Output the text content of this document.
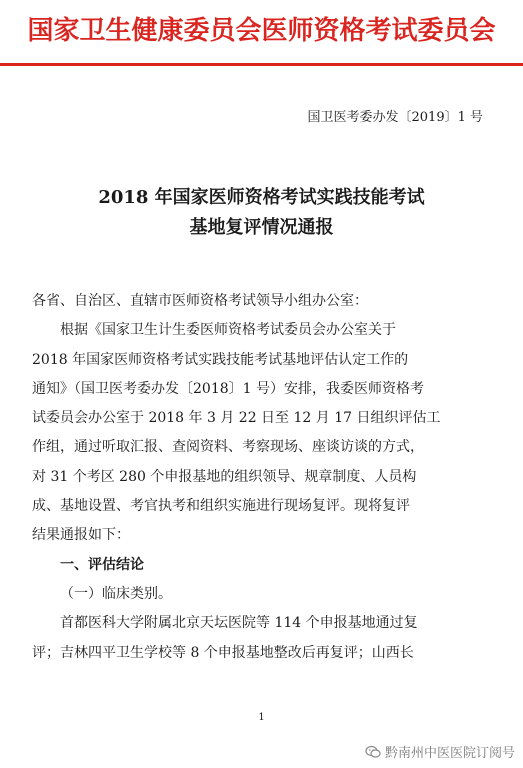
国家卫生健康委员会医师资格考试委员会
国卫医考委办发〔2019〕1 号
2018 年国家医师资格考试实践技能考试
基地复评情况通报
各省、自治区、直辖市医师资格考试领导小组办公室：
根据《国家卫生计生委医师资格考试委员会办公室关于
2018 年国家医师资格考试实践技能考试基地评估认定工作的
通知》（国卫医考委办发〔2018〕1 号）安排，我委医师资格考
试委员会办公室于 2018 年 3 月 22 日至 12 月 17 日组织评估工
作组，通过听取汇报、查阅资料、考察现场、座谈访谈的方式，
对 31 个考区 280 个申报基地的组织领导、规章制度、人员构
成、基地设置、考官执考和组织实施进行现场复评。现将复评
结果通报如下：
一、评估结论
（一）临床类别。
首都医科大学附属北京天坛医院等 114 个申报基地通过复
评；吉林四平卫生学校等 8 个申报基地整改后再复评；山西长
1
黔南州中医医院订阅号
